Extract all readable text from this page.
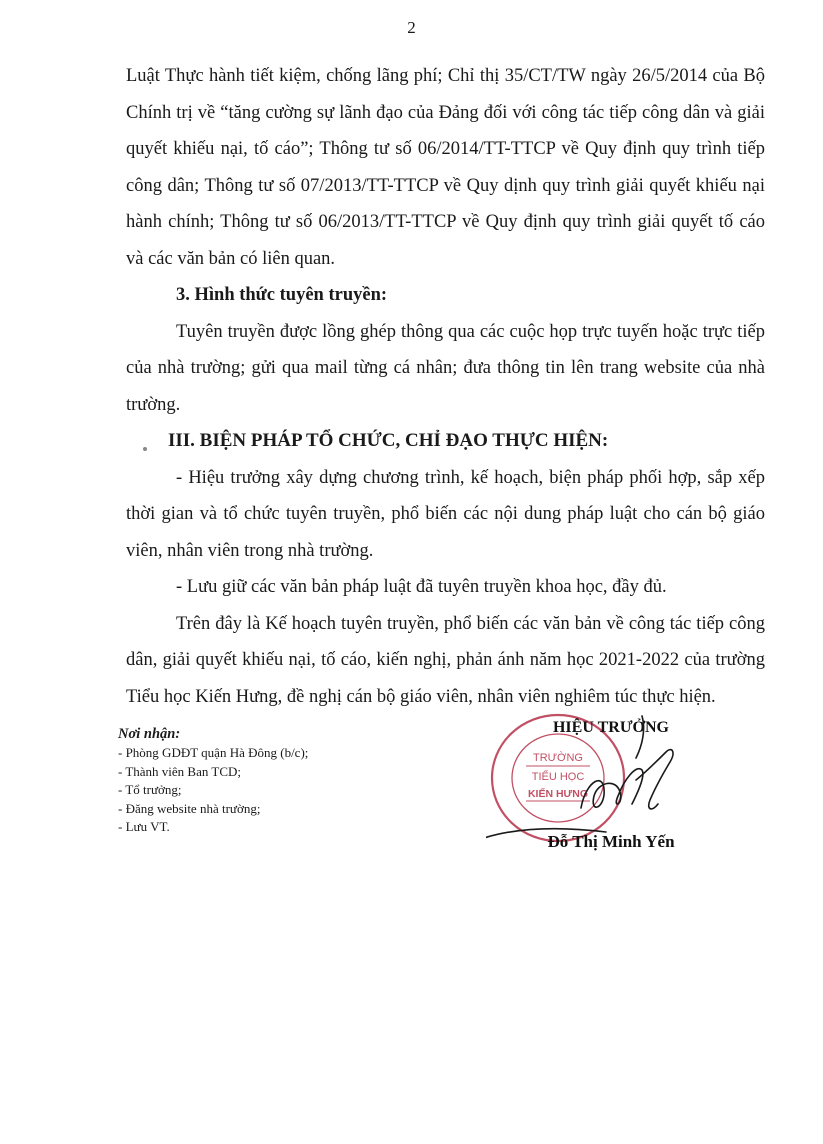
2

Luật Thực hành tiết kiệm, chống lãng phí; Chỉ thị 35/CT/TW ngày 26/5/2014 của Bộ Chính trị về “tăng cường sự lãnh đạo của Đảng đối với công tác tiếp công dân và giải quyết khiếu nại, tố cáo”; Thông tư số 06/2014/TT-TTCP về Quy định quy trình tiếp công dân; Thông tư số 07/2013/TT-TTCP về Quy dịnh quy trình giải quyết khiếu nại hành chính; Thông tư số 06/2013/TT-TTCP về Quy định quy trình giải quyết tố cáo và các văn bản có liên quan.

3. Hình thức tuyên truyền:

Tuyên truyền được lồng ghép thông qua các cuộc họp trực tuyến hoặc trực tiếp của nhà trường; gửi qua mail từng cá nhân; đưa thông tin lên trang website của nhà trường.

III. BIỆN PHÁP TỔ CHỨC, CHỈ ĐẠO THỰC HIỆN:

- Hiệu trưởng xây dựng chương trình, kế hoạch, biện pháp phối hợp, sắp xếp thời gian và tổ chức tuyên truyền, phổ biến các nội dung pháp luật cho cán bộ giáo viên, nhân viên trong nhà trường.

- Lưu giữ các văn bản pháp luật đã tuyên truyền khoa học, đầy đủ.

Trên đây là Kế hoạch tuyên truyền, phổ biến các văn bản về công tác tiếp công dân, giải quyết khiếu nại, tố cáo, kiến nghị, phản ánh năm học 2021-2022 của trường Tiểu học Kiến Hưng, đề nghị cán bộ giáo viên, nhân viên nghiêm túc thực hiện.

Nơi nhận:
- Phòng GDĐT quận Hà Đông (b/c);
- Thành viên Ban TCD;
- Tổ trưởng;
- Đăng website nhà trường;
- Lưu VT.
TRƯỜNG
TIỂU HỌC
KIẾN HƯNG
HIỆU TRƯỞNG
Đỗ Thị Minh Yến
